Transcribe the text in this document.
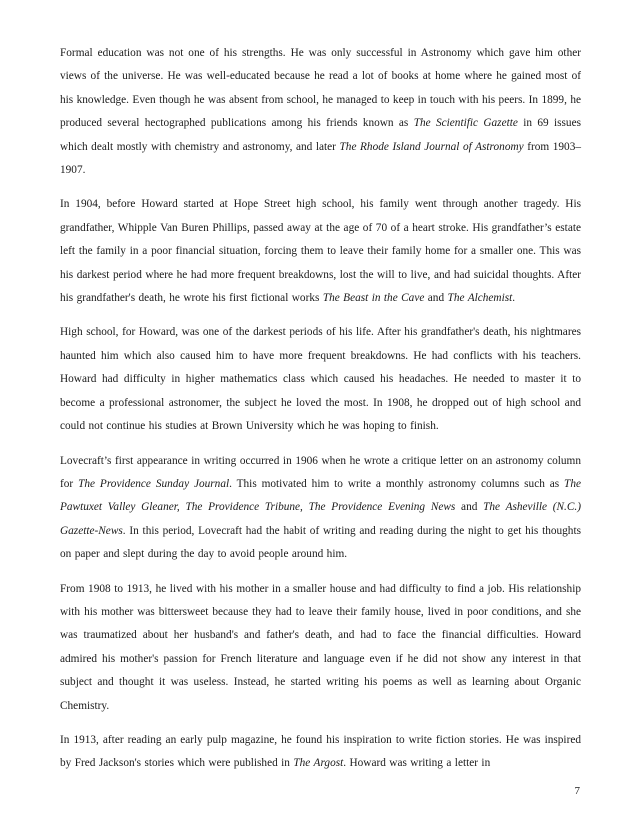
Formal education was not one of his strengths. He was only successful in Astronomy which gave him other views of the universe. He was well-educated because he read a lot of books at home where he gained most of his knowledge. Even though he was absent from school, he managed to keep in touch with his peers. In 1899, he produced several hectographed publications among his friends known as The Scientific Gazette in 69 issues which dealt mostly with chemistry and astronomy, and later The Rhode Island Journal of Astronomy from 1903–1907.

In 1904, before Howard started at Hope Street high school, his family went through another tragedy. His grandfather, Whipple Van Buren Phillips, passed away at the age of 70 of a heart stroke. His grandfather’s estate left the family in a poor financial situation, forcing them to leave their family home for a smaller one. This was his darkest period where he had more frequent breakdowns, lost the will to live, and had suicidal thoughts. After his grandfather's death, he wrote his first fictional works The Beast in the Cave and The Alchemist.

High school, for Howard, was one of the darkest periods of his life. After his grandfather's death, his nightmares haunted him which also caused him to have more frequent breakdowns. He had conflicts with his teachers. Howard had difficulty in higher mathematics class which caused his headaches. He needed to master it to become a professional astronomer, the subject he loved the most. In 1908, he dropped out of high school and could not continue his studies at Brown University which he was hoping to finish.

Lovecraft’s first appearance in writing occurred in 1906 when he wrote a critique letter on an astronomy column for The Providence Sunday Journal. This motivated him to write a monthly astronomy columns such as The Pawtuxet Valley Gleaner, The Providence Tribune, The Providence Evening News and The Asheville (N.C.) Gazette-News. In this period, Lovecraft had the habit of writing and reading during the night to get his thoughts on paper and slept during the day to avoid people around him.

From 1908 to 1913, he lived with his mother in a smaller house and had difficulty to find a job. His relationship with his mother was bittersweet because they had to leave their family house, lived in poor conditions, and she was traumatized about her husband's and father's death, and had to face the financial difficulties. Howard admired his mother's passion for French literature and language even if he did not show any interest in that subject and thought it was useless. Instead, he started writing his poems as well as learning about Organic Chemistry.

In 1913, after reading an early pulp magazine, he found his inspiration to write fiction stories. He was inspired by Fred Jackson's stories which were published in The Argost. Howard was writing a letter in

7
